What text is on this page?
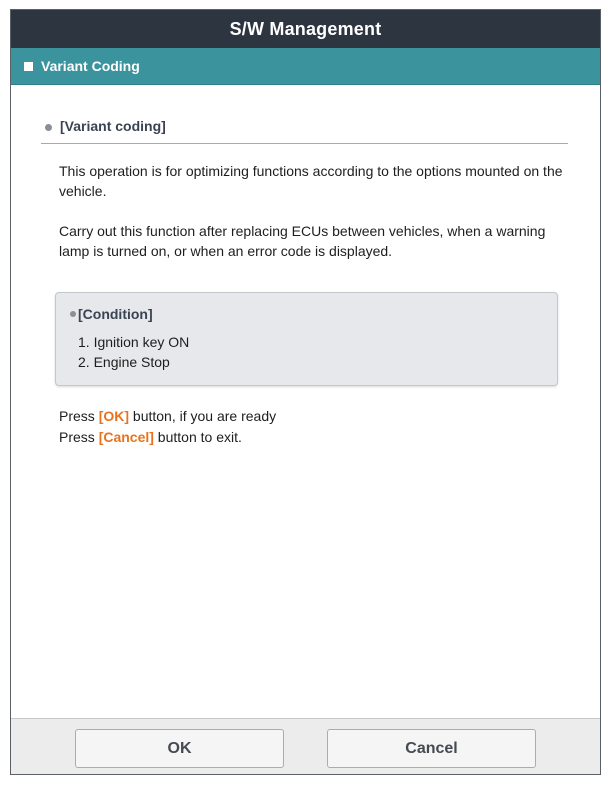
S/W Management
Variant Coding
[Variant coding]
This operation is for optimizing functions according to the options mounted on the vehicle.
Carry out this function after replacing ECUs between vehicles, when a warning lamp is turned on, or when an error code is displayed.
[Condition]
1. Ignition key ON
2. Engine Stop
Press [OK] button, if you are ready
Press [Cancel] button to exit.
OK	Cancel
